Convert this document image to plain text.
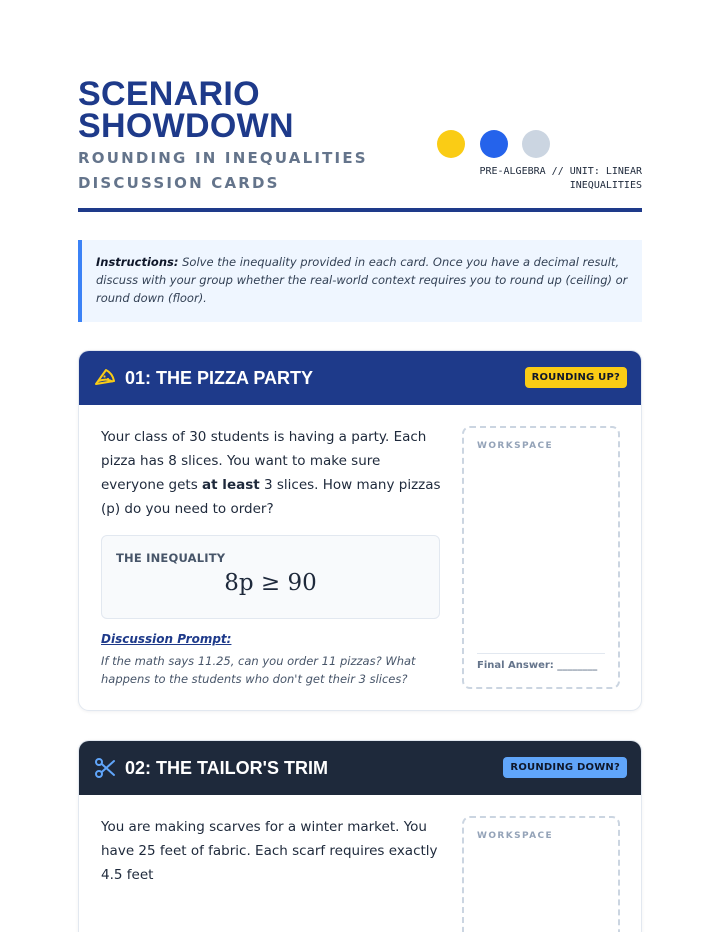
SCENARIO SHOWDOWN
ROUNDING IN INEQUALITIES DISCUSSION CARDS
PRE-ALGEBRA // UNIT: LINEAR
INEQUALITIES
Instructions: Solve the inequality provided in each card. Once you have a decimal result, discuss with your group whether the real-world context requires you to round up (ceiling) or round down (floor).
01: THE PIZZA PARTY	ROUNDING UP?
Your class of 30 students is having a party. Each pizza has 8 slices. You want to make sure everyone gets at least 3 slices. How many pizzas (p) do you need to order?
THE INEQUALITY
8p ≥ 90
Discussion Prompt:
If the math says 11.25, can you order 11 pizzas? What happens to the students who don't get their 3 slices?
WORKSPACE
Final Answer: ________
02: THE TAILOR'S TRIM	ROUNDING DOWN?
You are making scarves for a winter market. You have 25 feet of fabric. Each scarf requires exactly 4.5 feet
WORKSPACE
